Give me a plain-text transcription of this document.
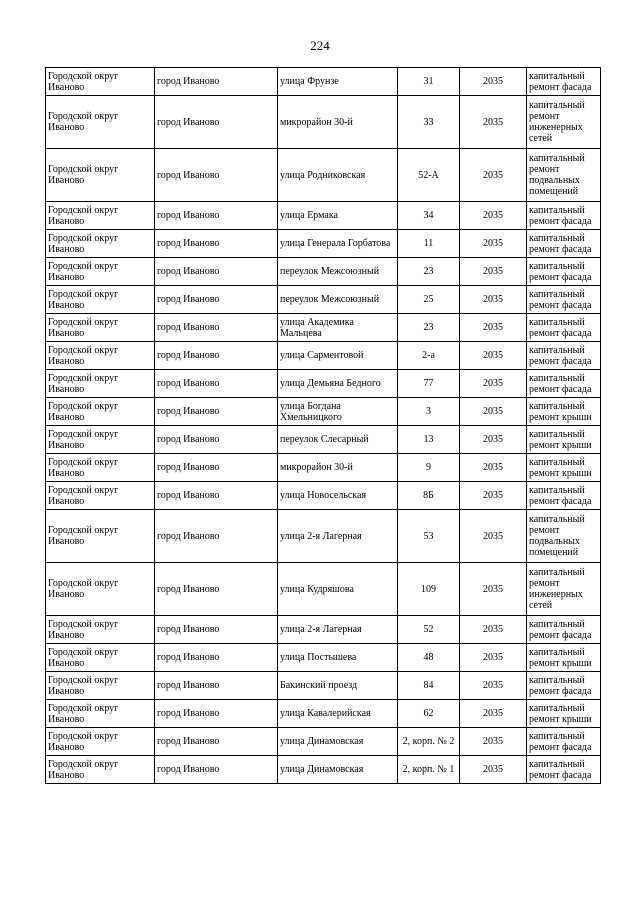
224
Городской округ Иваново	город Иваново	улица Фрунзе	31	2035	капитальный ремонт фасада
Городской округ Иваново	город Иваново	микрорайон 30-й	33	2035	капитальный ремонт инженерных сетей
Городской округ Иваново	город Иваново	улица Родниковская	52-А	2035	капитальный ремонт подвальных помещений
Городской округ Иваново	город Иваново	улица Ермака	34	2035	капитальный ремонт фасада
Городской округ Иваново	город Иваново	улица Генерала Горбатова	11	2035	капитальный ремонт фасада
Городской округ Иваново	город Иваново	переулок Межсоюзный	23	2035	капитальный ремонт фасада
Городской округ Иваново	город Иваново	переулок Межсоюзный	25	2035	капитальный ремонт фасада
Городской округ Иваново	город Иваново	улица Академика Мальцева	23	2035	капитальный ремонт фасада
Городской округ Иваново	город Иваново	улица Сарментовой	2-а	2035	капитальный ремонт фасада
Городской округ Иваново	город Иваново	улица Демьяна Бедного	77	2035	капитальный ремонт фасада
Городской округ Иваново	город Иваново	улица Богдана Хмельницкого	3	2035	капитальный ремонт крыши
Городской округ Иваново	город Иваново	переулок Слесарный	13	2035	капитальный ремонт крыши
Городской округ Иваново	город Иваново	микрорайон 30-й	9	2035	капитальный ремонт крыши
Городской округ Иваново	город Иваново	улица Новосельская	8Б	2035	капитальный ремонт фасада
Городской округ Иваново	город Иваново	улица 2-я Лагерная	53	2035	капитальный ремонт подвальных помещений
Городской округ Иваново	город Иваново	улица Кудряшова	109	2035	капитальный ремонт инженерных сетей
Городской округ Иваново	город Иваново	улица 2-я Лагерная	52	2035	капитальный ремонт фасада
Городской округ Иваново	город Иваново	улица Постышева	48	2035	капитальный ремонт крыши
Городской округ Иваново	город Иваново	Бакинский проезд	84	2035	капитальный ремонт фасада
Городской округ Иваново	город Иваново	улица Кавалерийская	62	2035	капитальный ремонт крыши
Городской округ Иваново	город Иваново	улица Динамовская	2, корп. № 2	2035	капитальный ремонт фасада
Городской округ Иваново	город Иваново	улица Динамовская	2, корп. № 1	2035	капитальный ремонт фасада
